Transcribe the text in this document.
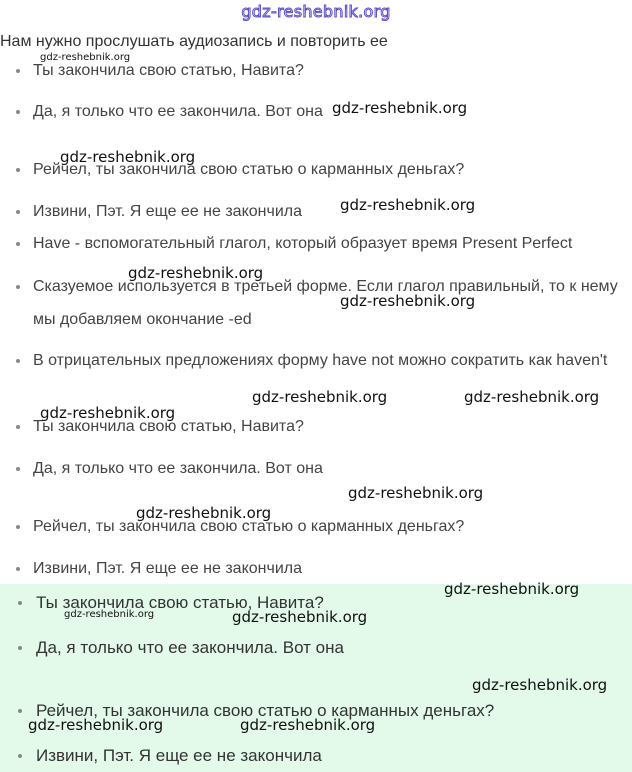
gdz-reshebnik.org
Нам нужно прослушать аудиозапись и повторить ее
Ты закончила свою статью, Навита?
Да, я только что ее закончила. Вот она
Рейчел, ты закончила свою статью о карманных деньгах?
Извини, Пэт. Я еще ее не закончила
Have - вспомогательный глагол, который образует время Present Perfect
Сказуемое используется в третьей форме. Если глагол правильный, то к нему мы добавляем окончание -ed
В отрицательных предложениях форму have not можно сократить как haven't
Ты закончила свою статью, Навита?
Да, я только что ее закончила. Вот она
Рейчел, ты закончила свою статью о карманных деньгах?
Извини, Пэт. Я еще ее не закончила
Ты закончила свою статью, Навита?
Да, я только что ее закончила. Вот она
Рейчел, ты закончила свою статью о карманных деньгах?
Извини, Пэт. Я еще ее не закончила
gdz-reshebnik.org
gdz-reshebnik.org
gdz-reshebnik.org
gdz-reshebnik.org
gdz-reshebnik.org
gdz-reshebnik.org
gdz-reshebnik.org	gdz-reshebnik.org
gdz-reshebnik.org
gdz-reshebnik.org
gdz-reshebnik.org
gdz-reshebnik.org
gdz-reshebnik.org	gdz-reshebnik.org
gdz-reshebnik.org
gdz-reshebnik.org	gdz-reshebnik.org
